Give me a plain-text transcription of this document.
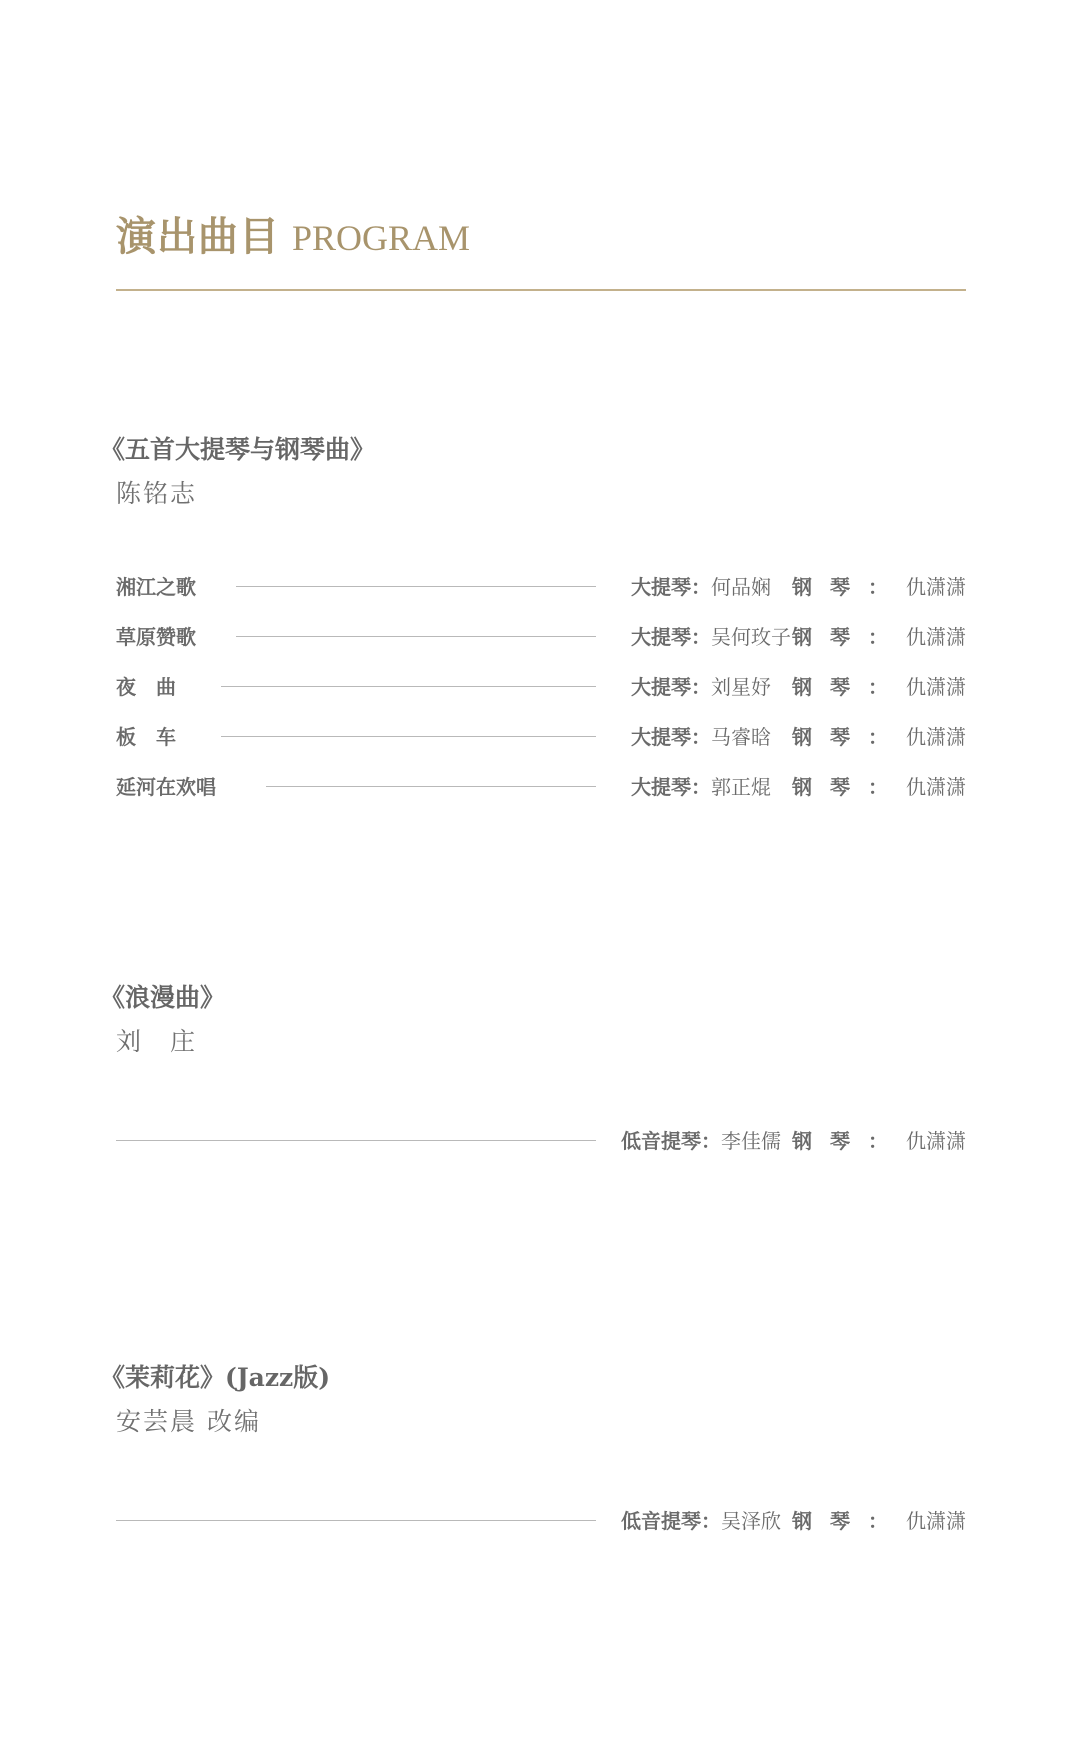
演出曲目 PROGRAM
《五首大提琴与钢琴曲》
陈铭志
湘江之歌	大提琴：何品娴 钢琴：仇潇潇
草原赞歌	大提琴：吴何玫子 钢琴：仇潇潇
夜　曲	大提琴：刘星妤 钢琴：仇潇潇
板　车	大提琴：马睿晗 钢琴：仇潇潇
延河在欢唱	大提琴：郭正焜 钢琴：仇潇潇
《浪漫曲》
刘　庄
低音提琴：李佳儒 钢琴：仇潇潇
《茉莉花》(Jazz版)
安芸晨 改编
低音提琴：吴泽欣 钢琴：仇潇潇
